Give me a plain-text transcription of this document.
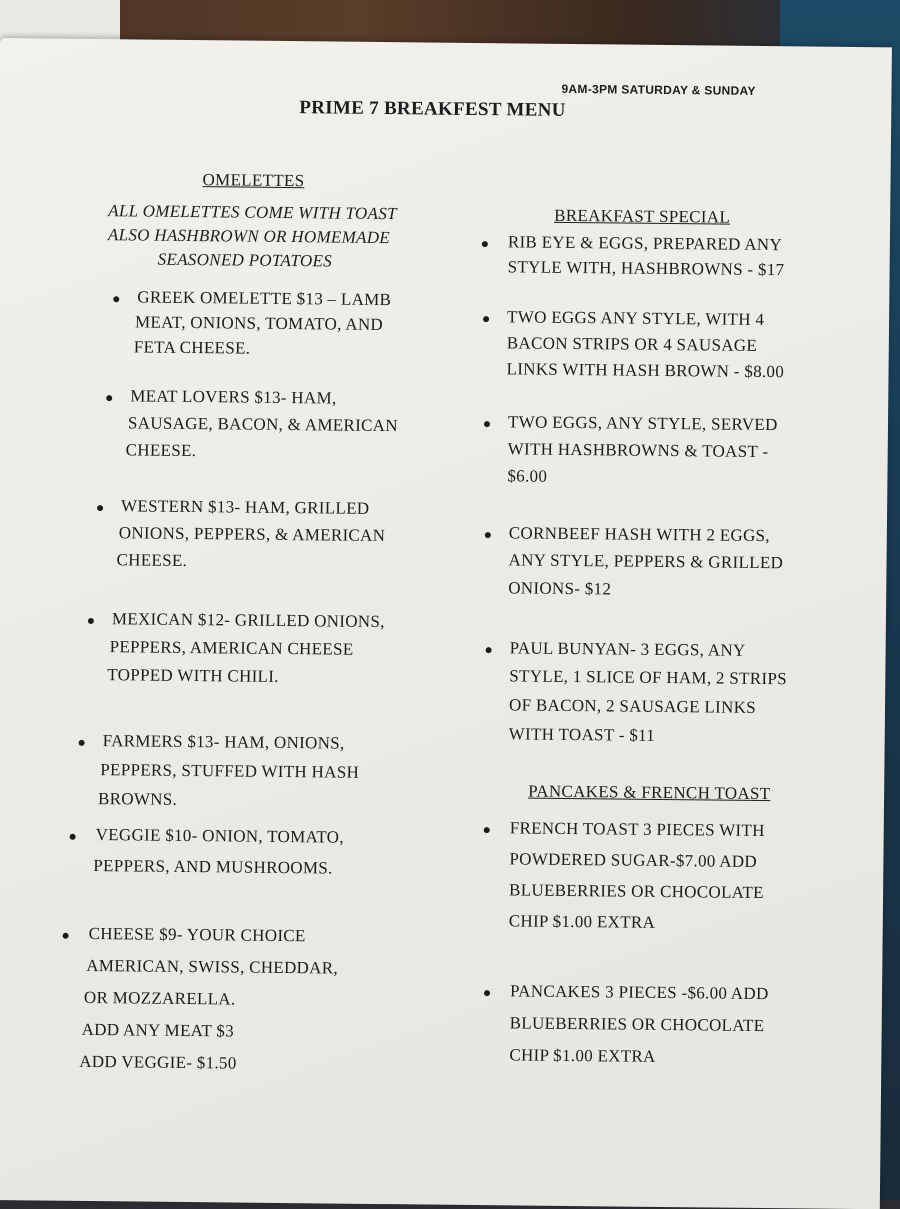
9AM-3PM SATURDAY & SUNDAY
PRIME 7 BREAKFEST MENU
OMELETTES
ALL OMELETTES COME WITH TOAST
ALSO HASHBROWN OR HOMEMADE
SEASONED POTATOES
GREEK OMELETTE $13 – LAMB
MEAT, ONIONS, TOMATO, AND
FETA CHEESE.
MEAT LOVERS $13- HAM,
SAUSAGE, BACON, & AMERICAN
CHEESE.
WESTERN $13- HAM, GRILLED
ONIONS, PEPPERS, & AMERICAN
CHEESE.
MEXICAN $12- GRILLED ONIONS,
PEPPERS, AMERICAN CHEESE
TOPPED WITH CHILI.
FARMERS $13- HAM, ONIONS,
PEPPERS, STUFFED WITH HASH
BROWNS.
VEGGIE $10- ONION, TOMATO,
PEPPERS, AND MUSHROOMS.
CHEESE $9- YOUR CHOICE
AMERICAN, SWISS, CHEDDAR,
OR MOZZARELLA.
ADD ANY MEAT $3
ADD VEGGIE- $1.50
BREAKFAST SPECIAL
RIB EYE & EGGS, PREPARED ANY
STYLE WITH, HASHBROWNS - $17
TWO EGGS ANY STYLE, WITH 4
BACON STRIPS OR 4 SAUSAGE
LINKS WITH HASH BROWN - $8.00
TWO EGGS, ANY STYLE, SERVED
WITH HASHBROWNS & TOAST -
$6.00
CORNBEEF HASH WITH 2 EGGS,
ANY STYLE, PEPPERS & GRILLED
ONIONS- $12
PAUL BUNYAN- 3 EGGS, ANY
STYLE, 1 SLICE OF HAM, 2 STRIPS
OF BACON, 2 SAUSAGE LINKS
WITH TOAST - $11
PANCAKES & FRENCH TOAST
FRENCH TOAST 3 PIECES WITH
POWDERED SUGAR-$7.00 ADD
BLUEBERRIES OR CHOCOLATE
CHIP $1.00 EXTRA
PANCAKES 3 PIECES -$6.00 ADD
BLUEBERRIES OR CHOCOLATE
CHIP $1.00 EXTRA
